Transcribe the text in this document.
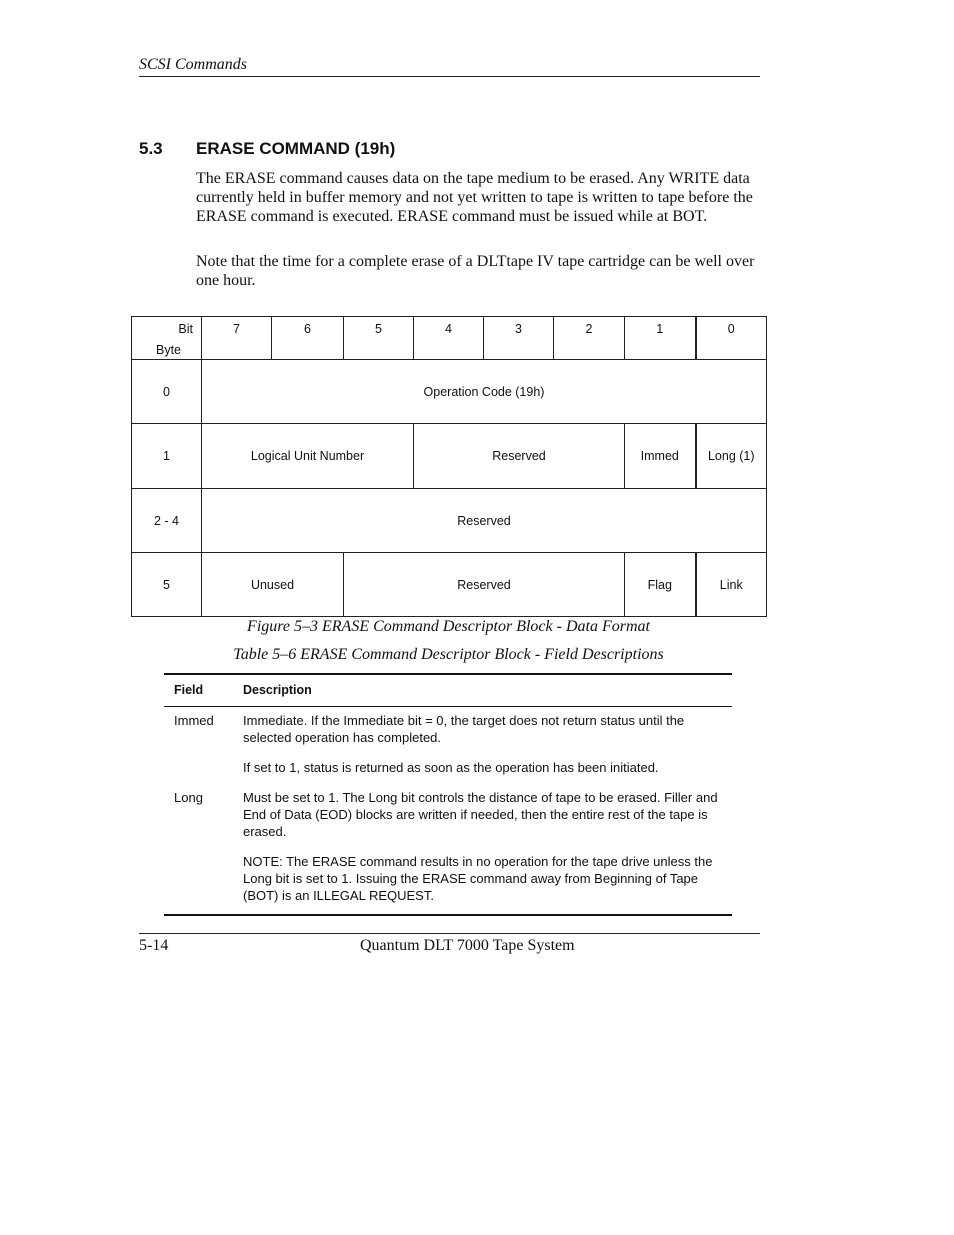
SCSI Commands
5.3 ERASE COMMAND (19h)

The ERASE command causes data on the tape medium to be erased. Any WRITE data currently held in buffer memory and not yet written to tape is written to tape before the ERASE command is executed. ERASE command must be issued while at BOT.

Note that the time for a complete erase of a DLTtape IV tape cartridge can be well over one hour.

Bit
Byte	7	6	5	4	3	2	1	0
0	Operation Code (19h)							
1	Logical Unit Number			Reserved			Immed	Long (1)
2 - 4	Reserved							
5	Unused		Reserved				Flag	Link
Figure 5–3 ERASE Command Descriptor Block - Data Format
Table 5–6 ERASE Command Descriptor Block - Field Descriptions
Field	Description
Immed	Immediate. If the Immediate bit = 0, the target does not return status until the selected operation has completed.

If set to 1, status is returned as soon as the operation has been initiated.

Long	Must be set to 1. The Long bit controls the distance of tape to be erased. Filler and End of Data (EOD) blocks are written if needed, then the entire rest of the tape is erased.

NOTE: The ERASE command results in no operation for the tape drive unless the Long bit is set to 1. Issuing the ERASE command away from Beginning of Tape (BOT) is an ILLEGAL REQUEST.

5-14	Quantum DLT 7000 Tape System
